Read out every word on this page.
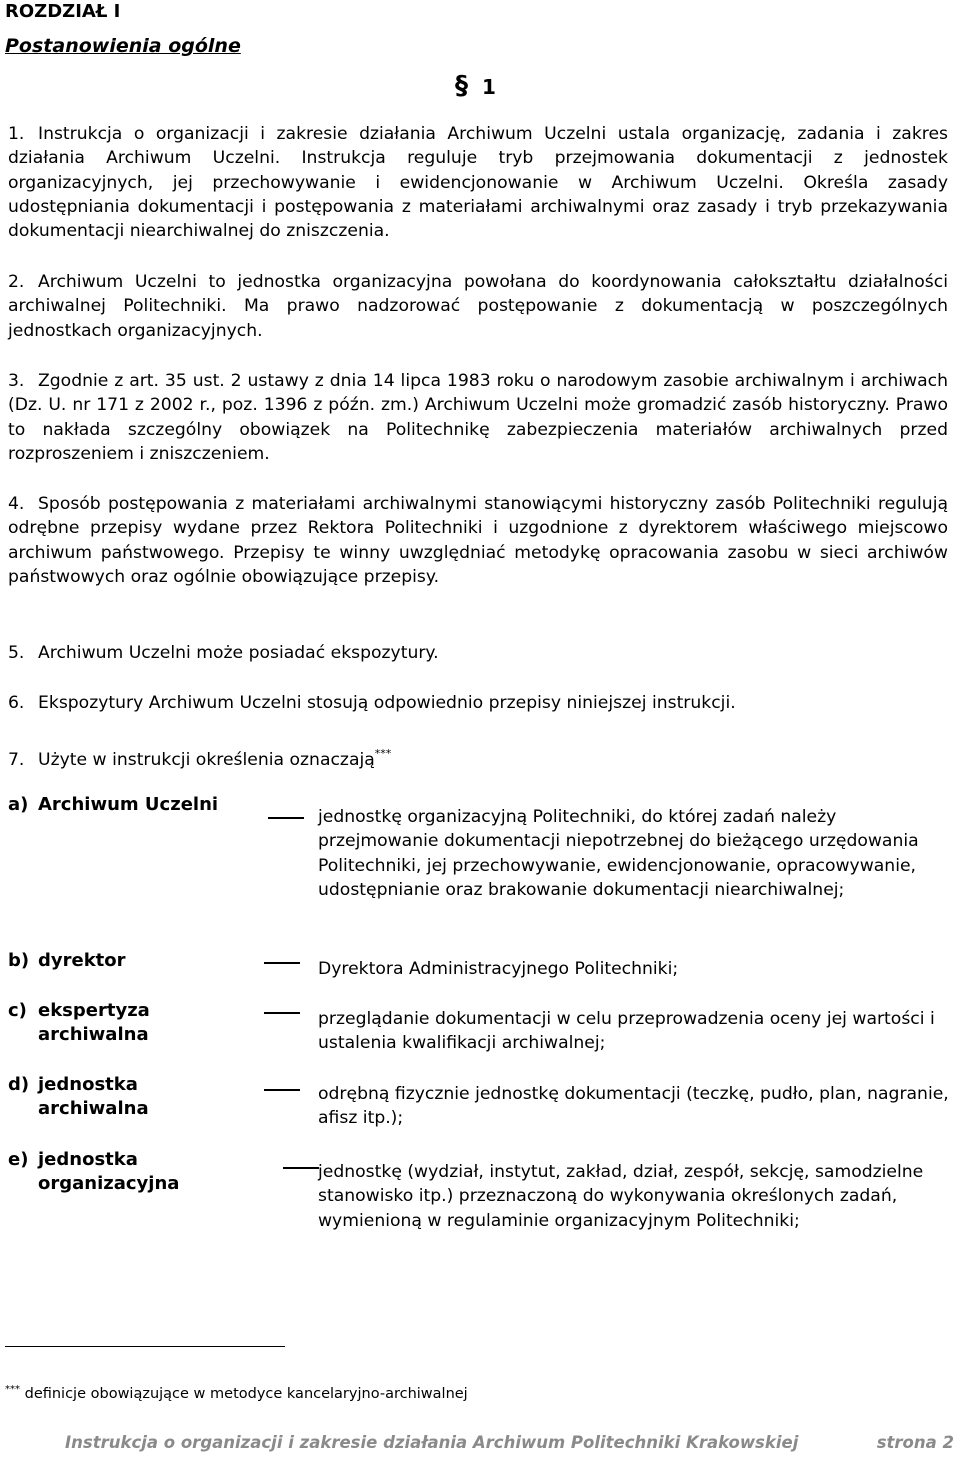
ROZDZIAŁ I
Postanowienia ogólne
§ 1
1. Instrukcja o organizacji i zakresie działania Archiwum Uczelni ustala organizację, zadania i zakres działania Archiwum Uczelni. Instrukcja reguluje tryb przejmowania dokumentacji z jednostek organizacyjnych, jej przechowywanie i ewidencjonowanie w Archiwum Uczelni. Określa zasady udostępniania dokumentacji i postępowania z materiałami archiwalnymi oraz zasady i tryb przekazywania dokumentacji niearchiwalnej do zniszczenia.
2. Archiwum Uczelni to jednostka organizacyjna powołana do koordynowania całokształtu działalności archiwalnej Politechniki. Ma prawo nadzorować postępowanie z dokumentacją w poszczególnych jednostkach organizacyjnych.
3. Zgodnie z art. 35 ust. 2 ustawy z dnia 14 lipca 1983 roku o narodowym zasobie archiwalnym i archiwach (Dz. U. nr 171 z 2002 r., poz. 1396 z późn. zm.) Archiwum Uczelni może gromadzić zasób historyczny. Prawo to nakłada szczególny obowiązek na Politechnikę zabezpieczenia materiałów archiwalnych przed rozproszeniem i zniszczeniem.
4. Sposób postępowania z materiałami archiwalnymi stanowiącymi historyczny zasób Politechniki regulują odrębne przepisy wydane przez Rektora Politechniki i uzgodnione z dyrektorem właściwego miejscowo archiwum państwowego. Przepisy te winny uwzględniać metodykę opracowania zasobu w sieci archiwów państwowych oraz ogólnie obowiązujące przepisy.
5. Archiwum Uczelni może posiadać ekspozytury.
6. Ekspozytury Archiwum Uczelni stosują odpowiednio przepisy niniejszej instrukcji.
7. Użyte w instrukcji określenia oznaczają***
a) Archiwum Uczelni
jednostkę organizacyjną Politechniki, do której zadań należy przejmowanie dokumentacji niepotrzebnej do bieżącego urzędowania Politechniki, jej przechowywanie, ewidencjonowanie, opracowywanie, udostępnianie oraz brakowanie dokumentacji niearchiwalnej;
b) dyrektor	Dyrektora Administracyjnego Politechniki;
c) ekspertyza archiwalna
przeglądanie dokumentacji w celu przeprowadzenia oceny jej wartości i ustalenia kwalifikacji archiwalnej;
d) jednostka archiwalna
odrębną fizycznie jednostkę dokumentacji (teczkę, pudło, plan, nagranie, afisz itp.);
e) jednostka organizacyjna
jednostkę (wydział, instytut, zakład, dział, zespół, sekcję, samodzielne stanowisko itp.) przeznaczoną do wykonywania określonych zadań, wymienioną w regulaminie organizacyjnym Politechniki;
*** definicje obowiązujące w metodyce kancelaryjno-archiwalnej
Instrukcja o organizacji i zakresie działania Archiwum Politechniki Krakowskiej	strona 2
